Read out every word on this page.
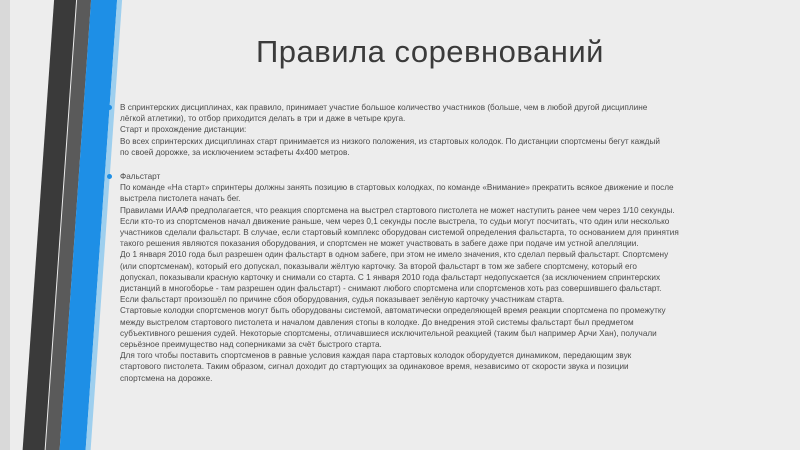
Правила соревнований
В спринтерских дисциплинах, как правило, принимает участие большое количество участников (больше, чем в любой другой дисциплине
лёгкой атлетики), то отбор приходится делать в три и даже в четыре круга.
Старт и прохождение дистанции:
Во всех спринтерских дисциплинах старт принимается из низкого положения, из стартовых колодок. По дистанции спортсмены бегут каждый
по своей дорожке, за исключением эстафеты 4х400 метров.
Фальстарт
По команде «На старт» спринтеры должны занять позицию в стартовых колодках, по команде «Внимание» прекратить всякое движение и после
выстрела пистолета начать бег.
Правилами ИААФ предполагается, что реакция спортсмена на выстрел стартового пистолета не может наступить ранее чем через 1/10 секунды.
Если кто-то из спортсменов начал движение раньше, чем через 0,1 секунды после выстрела, то судьи могут посчитать, что один или несколько
участников сделали фальстарт. В случае, если стартовый комплекс оборудован системой определения фальстарта, то основанием для принятия
такого решения являются показания оборудования, и спортсмен не может участвовать в забеге даже при подаче им устной апелляции.
До 1 января 2010 года был разрешен один фальстарт в одном забеге, при этом не имело значения, кто сделал первый фальстарт. Спортсмену
(или спортсменам), который его допускал, показывали жёлтую карточку. За второй фальстарт в том же забеге спортсмену, который его
допускал, показывали красную карточку и снимали со старта. С 1 января 2010 года фальстарт недопускается (за исключением спринтерских
дистанций в многоборье - там разрешен один фальстарт) - снимают любого спортсмена или спортсменов хоть раз совершившего фальстарт.
Если фальстарт произошёл по причине сбоя оборудования, судья показывает зелёную карточку участникам старта.
Стартовые колодки спортсменов могут быть оборудованы системой, автоматически определяющей время реакции спортсмена по промежутку
между выстрелом стартового пистолета и началом давления стопы в колодке. До внедрения этой системы фальстарт был предметом
субъективного решения судей. Некоторые спортсмены, отличавшиеся исключительной реакцией (таким был например Арчи Хан), получали
серьёзное преимущество над соперниками за счёт быстрого старта.
Для того чтобы поставить спортсменов в равные условия каждая пара стартовых колодок оборудуется динамиком, передающим звук
стартового пистолета. Таким образом, сигнал доходит до стартующих за одинаковое время, независимо от скорости звука и позиции
спортсмена на дорожке.
